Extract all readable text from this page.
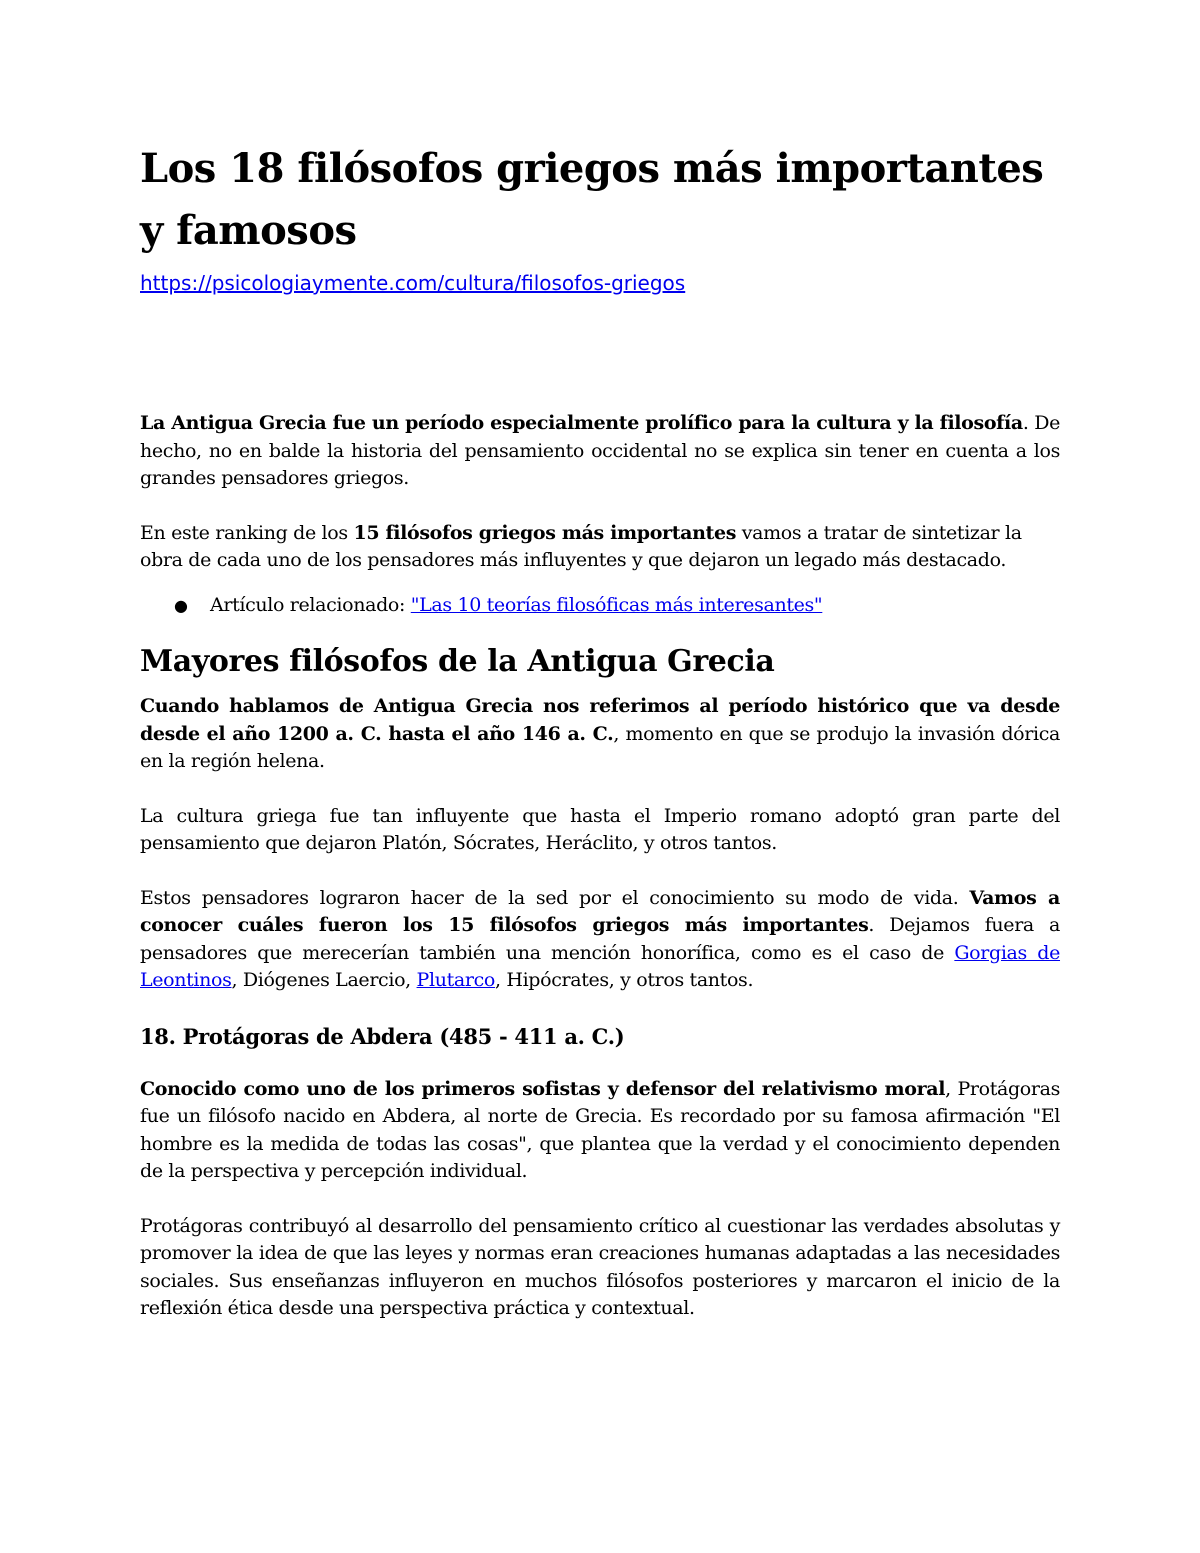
Los 18 filósofos griegos más importantes y famosos
https://psicologiaymente.com/cultura/filosofos-griegos

La Antigua Grecia fue un período especialmente prolífico para la cultura y la filosofía. De hecho, no en balde la historia del pensamiento occidental no se explica sin tener en cuenta a los grandes pensadores griegos.

En este ranking de los 15 filósofos griegos más importantes vamos a tratar de sintetizar la obra de cada uno de los pensadores más influyentes y que dejaron un legado más destacado.

● Artículo relacionado: "Las 10 teorías filosóficas más interesantes"
Mayores filósofos de la Antigua Grecia

Cuando hablamos de Antigua Grecia nos referimos al período histórico que va desde desde el año 1200 a. C. hasta el año 146 a. C., momento en que se produjo la invasión dórica en la región helena.

La cultura griega fue tan influyente que hasta el Imperio romano adoptó gran parte del pensamiento que dejaron Platón, Sócrates, Heráclito, y otros tantos.

Estos pensadores lograron hacer de la sed por el conocimiento su modo de vida. Vamos a conocer cuáles fueron los 15 filósofos griegos más importantes. Dejamos fuera a pensadores que merecerían también una mención honorífica, como es el caso de Gorgias de Leontinos, Diógenes Laercio, Plutarco, Hipócrates, y otros tantos.

18. Protágoras de Abdera (485 - 411 a. C.)

Conocido como uno de los primeros sofistas y defensor del relativismo moral, Protágoras fue un filósofo nacido en Abdera, al norte de Grecia. Es recordado por su famosa afirmación "El hombre es la medida de todas las cosas", que plantea que la verdad y el conocimiento dependen de la perspectiva y percepción individual.

Protágoras contribuyó al desarrollo del pensamiento crítico al cuestionar las verdades absolutas y promover la idea de que las leyes y normas eran creaciones humanas adaptadas a las necesidades sociales. Sus enseñanzas influyeron en muchos filósofos posteriores y marcaron el inicio de la reflexión ética desde una perspectiva práctica y contextual.
